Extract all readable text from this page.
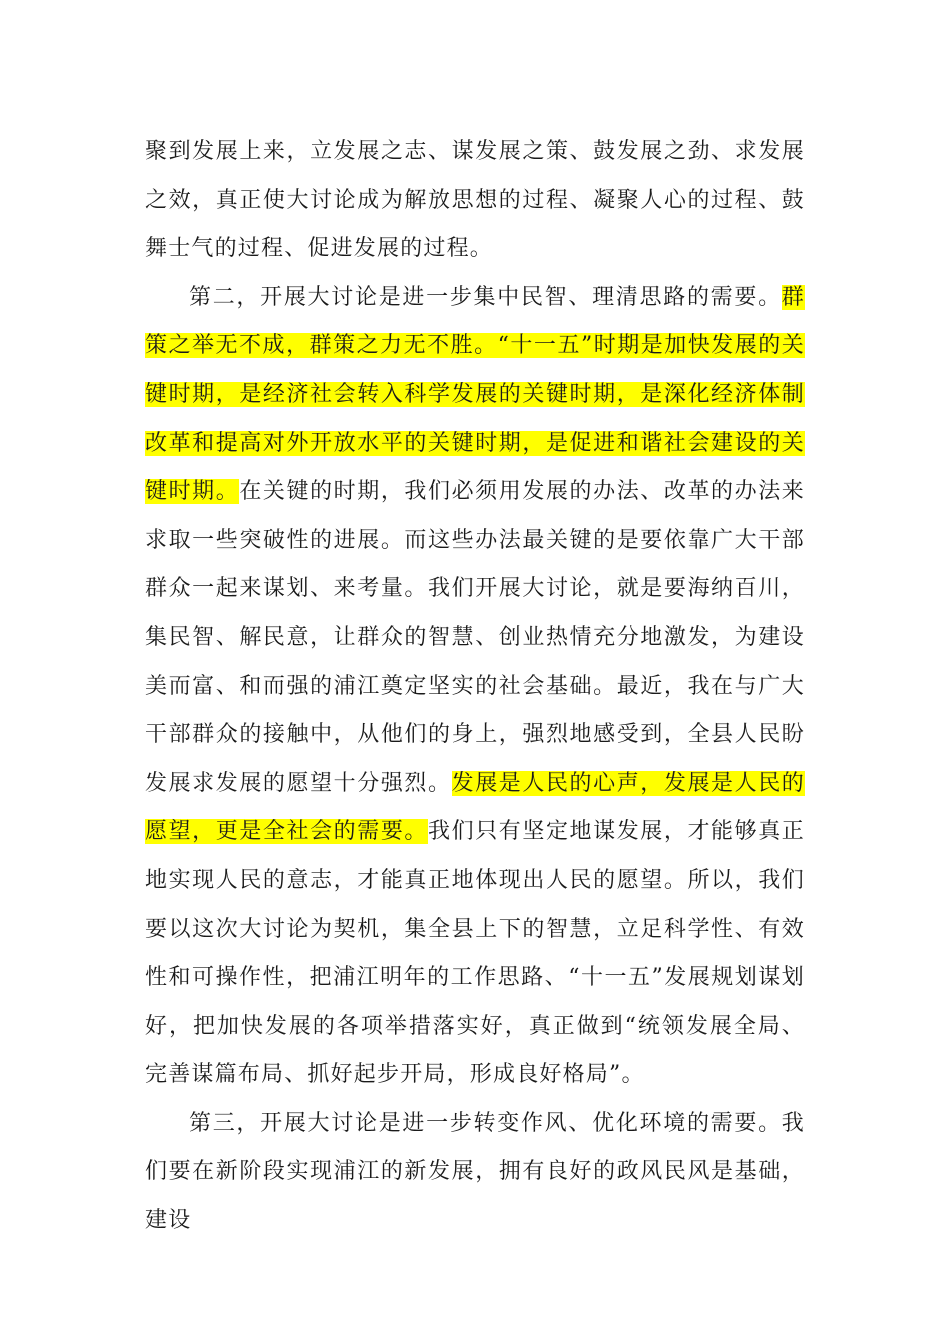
聚到发展上来，立发展之志、谋发展之策、鼓发展之劲、求发展之效，真正使大讨论成为解放思想的过程、凝聚人心的过程、鼓舞士气的过程、促进发展的过程。

第二，开展大讨论是进一步集中民智、理清思路的需要。群策之举无不成，群策之力无不胜。“十一五”时期是加快发展的关键时期，是经济社会转入科学发展的关键时期，是深化经济体制改革和提高对外开放水平的关键时期，是促进和谐社会建设的关键时期。在关键的时期，我们必须用发展的办法、改革的办法来求取一些突破性的进展。而这些办法最关键的是要依靠广大干部群众一起来谋划、来考量。我们开展大讨论，就是要海纳百川，集民智、解民意，让群众的智慧、创业热情充分地激发，为建设美而富、和而强的浦江奠定坚实的社会基础。最近，我在与广大干部群众的接触中，从他们的身上，强烈地感受到，全县人民盼发展求发展的愿望十分强烈。发展是人民的心声，发展是人民的愿望，更是全社会的需要。我们只有坚定地谋发展，才能够真正地实现人民的意志，才能真正地体现出人民的愿望。所以，我们要以这次大讨论为契机，集全县上下的智慧，立足科学性、有效性和可操作性，把浦江明年的工作思路、“十一五”发展规划谋划好，把加快发展的各项举措落实好，真正做到“统领发展全局、完善谋篇布局、抓好起步开局，形成良好格局”。

第三，开展大讨论是进一步转变作风、优化环境的需要。我们要在新阶段实现浦江的新发展，拥有良好的政风民风是基础，建设
